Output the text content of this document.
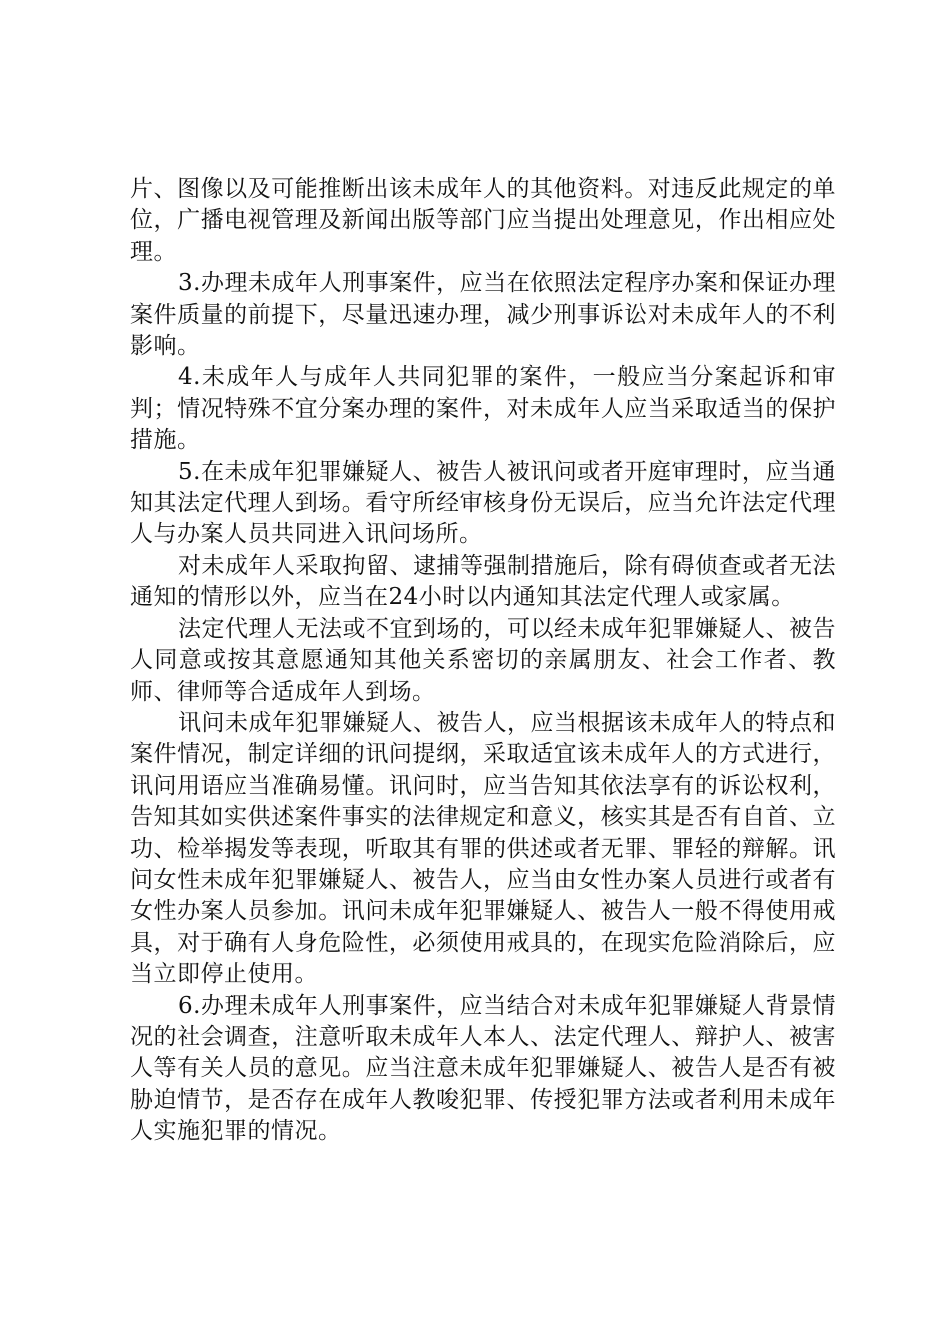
片、图像以及可能推断出该未成年人的其他资料。对违反此规定的单位，广播电视管理及新闻出版等部门应当提出处理意见，作出相应处理。

3.办理未成年人刑事案件，应当在依照法定程序办案和保证办理案件质量的前提下，尽量迅速办理，减少刑事诉讼对未成年人的不利影响。

4.未成年人与成年人共同犯罪的案件，一般应当分案起诉和审判；情况特殊不宜分案办理的案件，对未成年人应当采取适当的保护措施。

5.在未成年犯罪嫌疑人、被告人被讯问或者开庭审理时，应当通知其法定代理人到场。看守所经审核身份无误后，应当允许法定代理人与办案人员共同进入讯问场所。

对未成年人采取拘留、逮捕等强制措施后，除有碍侦查或者无法通知的情形以外，应当在24小时以内通知其法定代理人或家属。

法定代理人无法或不宜到场的，可以经未成年犯罪嫌疑人、被告人同意或按其意愿通知其他关系密切的亲属朋友、社会工作者、教师、律师等合适成年人到场。

讯问未成年犯罪嫌疑人、被告人，应当根据该未成年人的特点和案件情况，制定详细的讯问提纲，采取适宜该未成年人的方式进行，讯问用语应当准确易懂。讯问时，应当告知其依法享有的诉讼权利，告知其如实供述案件事实的法律规定和意义，核实其是否有自首、立功、检举揭发等表现，听取其有罪的供述或者无罪、罪轻的辩解。讯问女性未成年犯罪嫌疑人、被告人，应当由女性办案人员进行或者有女性办案人员参加。讯问未成年犯罪嫌疑人、被告人一般不得使用戒具，对于确有人身危险性，必须使用戒具的，在现实危险消除后，应当立即停止使用。

6.办理未成年人刑事案件，应当结合对未成年犯罪嫌疑人背景情况的社会调查，注意听取未成年人本人、法定代理人、辩护人、被害人等有关人员的意见。应当注意未成年犯罪嫌疑人、被告人是否有被胁迫情节，是否存在成年人教唆犯罪、传授犯罪方法或者利用未成年人实施犯罪的情况。
